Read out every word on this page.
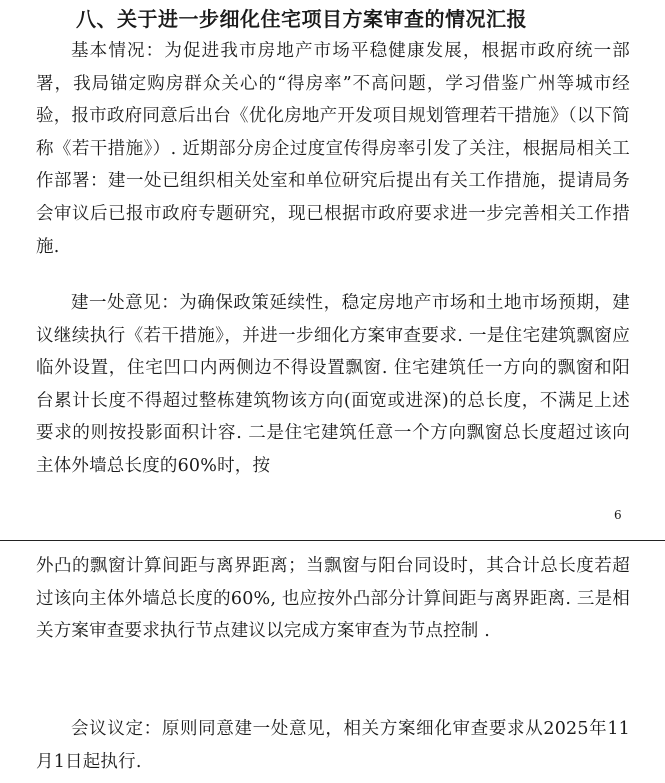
八、关于进一步细化住宅项目方案审查的情况汇报

基本情况：为促进我市房地产市场平稳健康发展，根据市政府统一部署，我局锚定购房群众关心的“得房率”不高问题，学习借鉴广州等城市经验，报市政府同意后出台《优化房地产开发项目规划管理若干措施》（以下简称《若干措施》）. 近期部分房企过度宣传得房率引发了关注，根据局相关工作部署：建一处已组织相关处室和单位研究后提出有关工作措施，提请局务会审议后已报市政府专题研究，现已根据市政府要求进一步完善相关工作措施.

建一处意见：为确保政策延续性，稳定房地产市场和土地市场预期，建议继续执行《若干措施》，并进一步细化方案审查要求. 一是住宅建筑飘窗应临外设置，住宅凹口内两侧边不得设置飘窗. 住宅建筑任一方向的飘窗和阳台累计长度不得超过整栋建筑物该方向(面宽或进深)的总长度，不满足上述要求的则按投影面积计容. 二是住宅建筑任意一个方向飘窗总长度超过该向主体外墙总长度的60%时，按

6

外凸的飘窗计算间距与离界距离；当飘窗与阳台同设时，其合计总长度若超过该向主体外墙总长度的60%, 也应按外凸部分计算间距与离界距离. 三是相关方案审查要求执行节点建议以完成方案审查为节点控制 .

会议议定：原则同意建一处意见，相关方案细化审查要求从2025年11月1日起执行.
